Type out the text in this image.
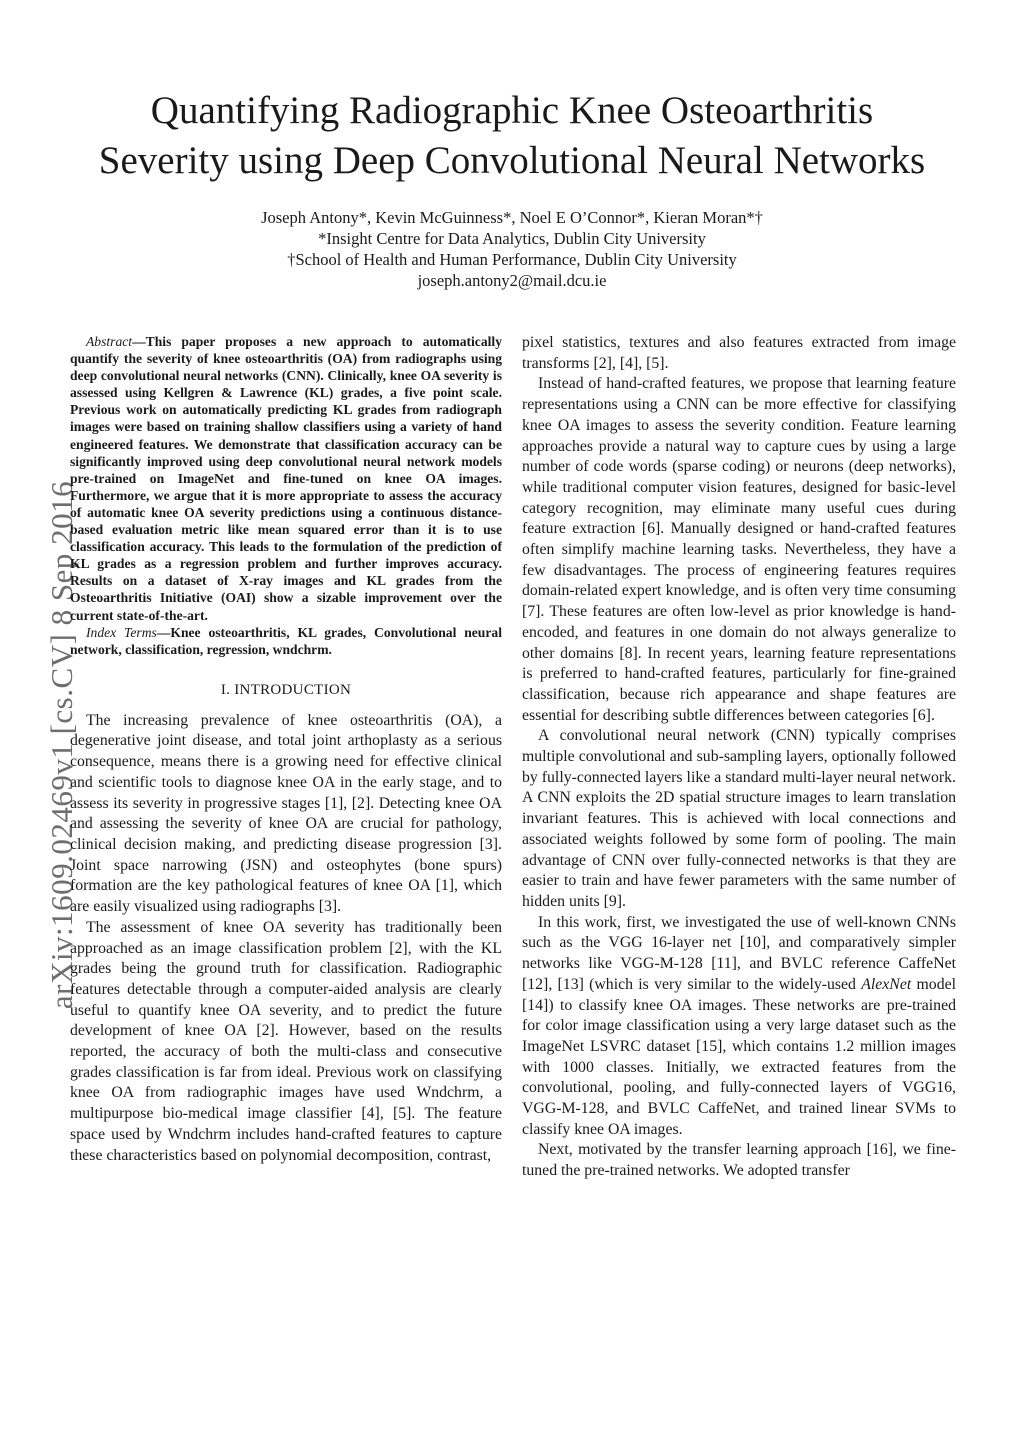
arXiv:1609.02469v1 [cs.CV] 8 Sep 2016
Quantifying Radiographic Knee Osteoarthritis
Severity using Deep Convolutional Neural Networks
Joseph Antony*, Kevin McGuinness*, Noel E O’Connor*, Kieran Moran*†
*Insight Centre for Data Analytics, Dublin City University
†School of Health and Human Performance, Dublin City University
joseph.antony2@mail.dcu.ie

Abstract—This paper proposes a new approach to automatically quantify the severity of knee osteoarthritis (OA) from radiographs using deep convolutional neural networks (CNN). Clinically, knee OA severity is assessed using Kellgren & Lawrence (KL) grades, a five point scale. Previous work on automatically predicting KL grades from radiograph images were based on training shallow classifiers using a variety of hand engineered features. We demonstrate that classification accuracy can be significantly improved using deep convolutional neural network models pre-trained on ImageNet and fine-tuned on knee OA images. Furthermore, we argue that it is more appropriate to assess the accuracy of automatic knee OA severity predictions using a continuous distance-based evaluation metric like mean squared error than it is to use classification accuracy. This leads to the formulation of the prediction of KL grades as a regression problem and further improves accuracy. Results on a dataset of X-ray images and KL grades from the Osteoarthritis Initiative (OAI) show a sizable improvement over the current state-of-the-art.

Index Terms—Knee osteoarthritis, KL grades, Convolutional neural network, classification, regression, wndchrm.

I. INTRODUCTION

The increasing prevalence of knee osteoarthritis (OA), a degenerative joint disease, and total joint arthoplasty as a serious consequence, means there is a growing need for effective clinical and scientific tools to diagnose knee OA in the early stage, and to assess its severity in progressive stages [1], [2]. Detecting knee OA and assessing the severity of knee OA are crucial for pathology, clinical decision making, and predicting disease progression [3]. Joint space narrowing (JSN) and osteophytes (bone spurs) formation are the key pathological features of knee OA [1], which are easily visualized using radiographs [3].

The assessment of knee OA severity has traditionally been approached as an image classification problem [2], with the KL grades being the ground truth for classification. Radiographic features detectable through a computer-aided analysis are clearly useful to quantify knee OA severity, and to predict the future development of knee OA [2]. However, based on the results reported, the accuracy of both the multi-class and consecutive grades classification is far from ideal. Previous work on classifying knee OA from radiographic images have used Wndchrm, a multipurpose bio-medical image classifier [4], [5]. The feature space used by Wndchrm includes hand-crafted features to capture these characteristics based on polynomial decomposition, contrast,

pixel statistics, textures and also features extracted from image transforms [2], [4], [5].

Instead of hand-crafted features, we propose that learning feature representations using a CNN can be more effective for classifying knee OA images to assess the severity condition. Feature learning approaches provide a natural way to capture cues by using a large number of code words (sparse coding) or neurons (deep networks), while traditional computer vision features, designed for basic-level category recognition, may eliminate many useful cues during feature extraction [6]. Manually designed or hand-crafted features often simplify machine learning tasks. Nevertheless, they have a few disadvantages. The process of engineering features requires domain-related expert knowledge, and is often very time consuming [7]. These features are often low-level as prior knowledge is hand-encoded, and features in one domain do not always generalize to other domains [8]. In recent years, learning feature representations is preferred to hand-crafted features, particularly for fine-grained classification, because rich appearance and shape features are essential for describing subtle differences between categories [6].

A convolutional neural network (CNN) typically comprises multiple convolutional and sub-sampling layers, optionally followed by fully-connected layers like a standard multi-layer neural network. A CNN exploits the 2D spatial structure images to learn translation invariant features. This is achieved with local connections and associated weights followed by some form of pooling. The main advantage of CNN over fully-connected networks is that they are easier to train and have fewer parameters with the same number of hidden units [9].

In this work, first, we investigated the use of well-known CNNs such as the VGG 16-layer net [10], and comparatively simpler networks like VGG-M-128 [11], and BVLC reference CaffeNet [12], [13] (which is very similar to the widely-used AlexNet model [14]) to classify knee OA images. These networks are pre-trained for color image classification using a very large dataset such as the ImageNet LSVRC dataset [15], which contains 1.2 million images with 1000 classes. Initially, we extracted features from the convolutional, pooling, and fully-connected layers of VGG16, VGG-M-128, and BVLC CaffeNet, and trained linear SVMs to classify knee OA images.

Next, motivated by the transfer learning approach [16], we fine-tuned the pre-trained networks. We adopted transfer
